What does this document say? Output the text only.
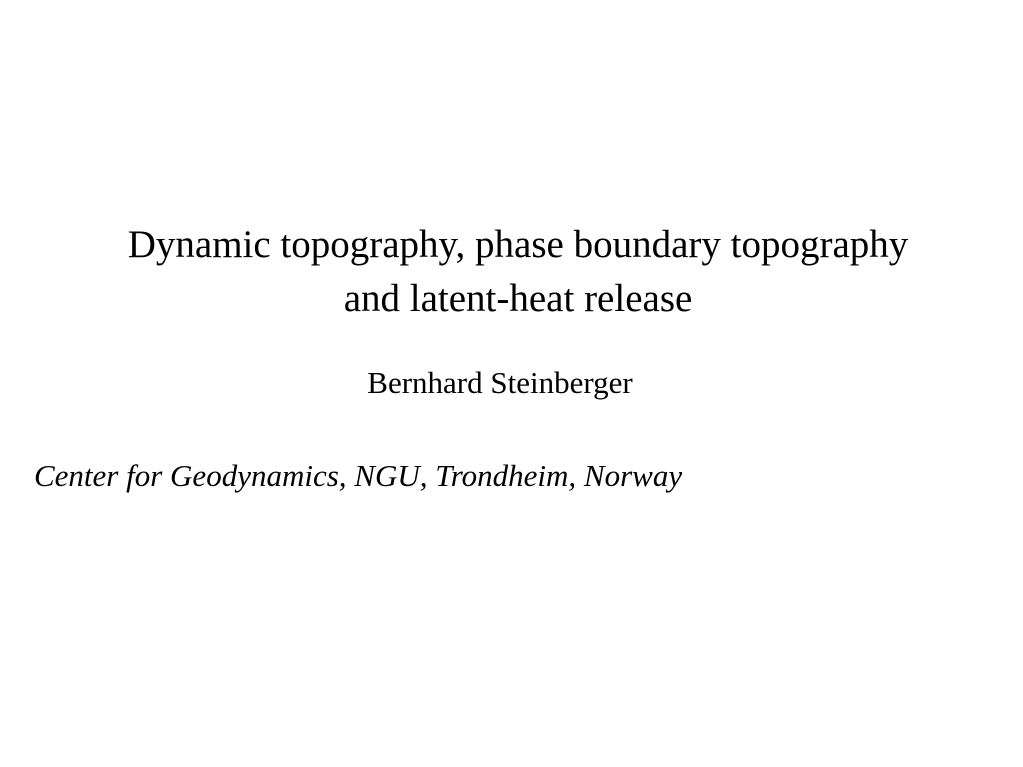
Dynamic topography, phase boundary topography
and latent-heat release

Bernhard Steinberger

Center for Geodynamics, NGU, Trondheim, Norway
